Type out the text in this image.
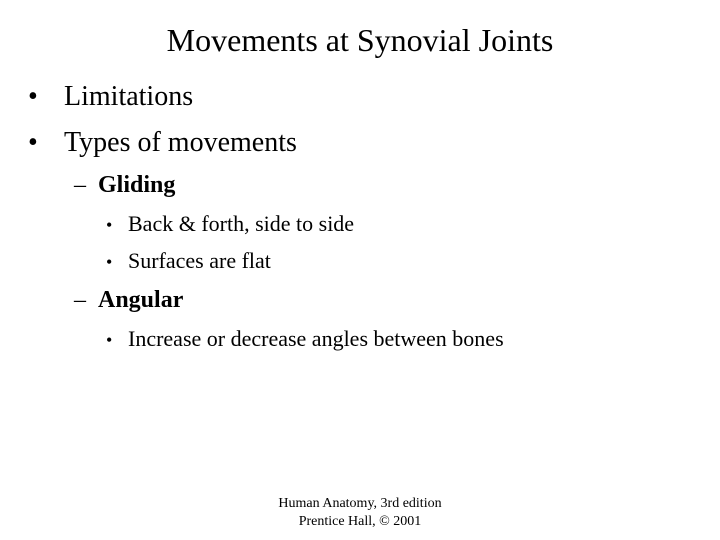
Movements at Synovial Joints
• Limitations
• Types of movements
– Gliding
• Back & forth, side to side
• Surfaces are flat
– Angular
• Increase or decrease angles between bones
Human Anatomy, 3rd edition
Prentice Hall, © 2001
